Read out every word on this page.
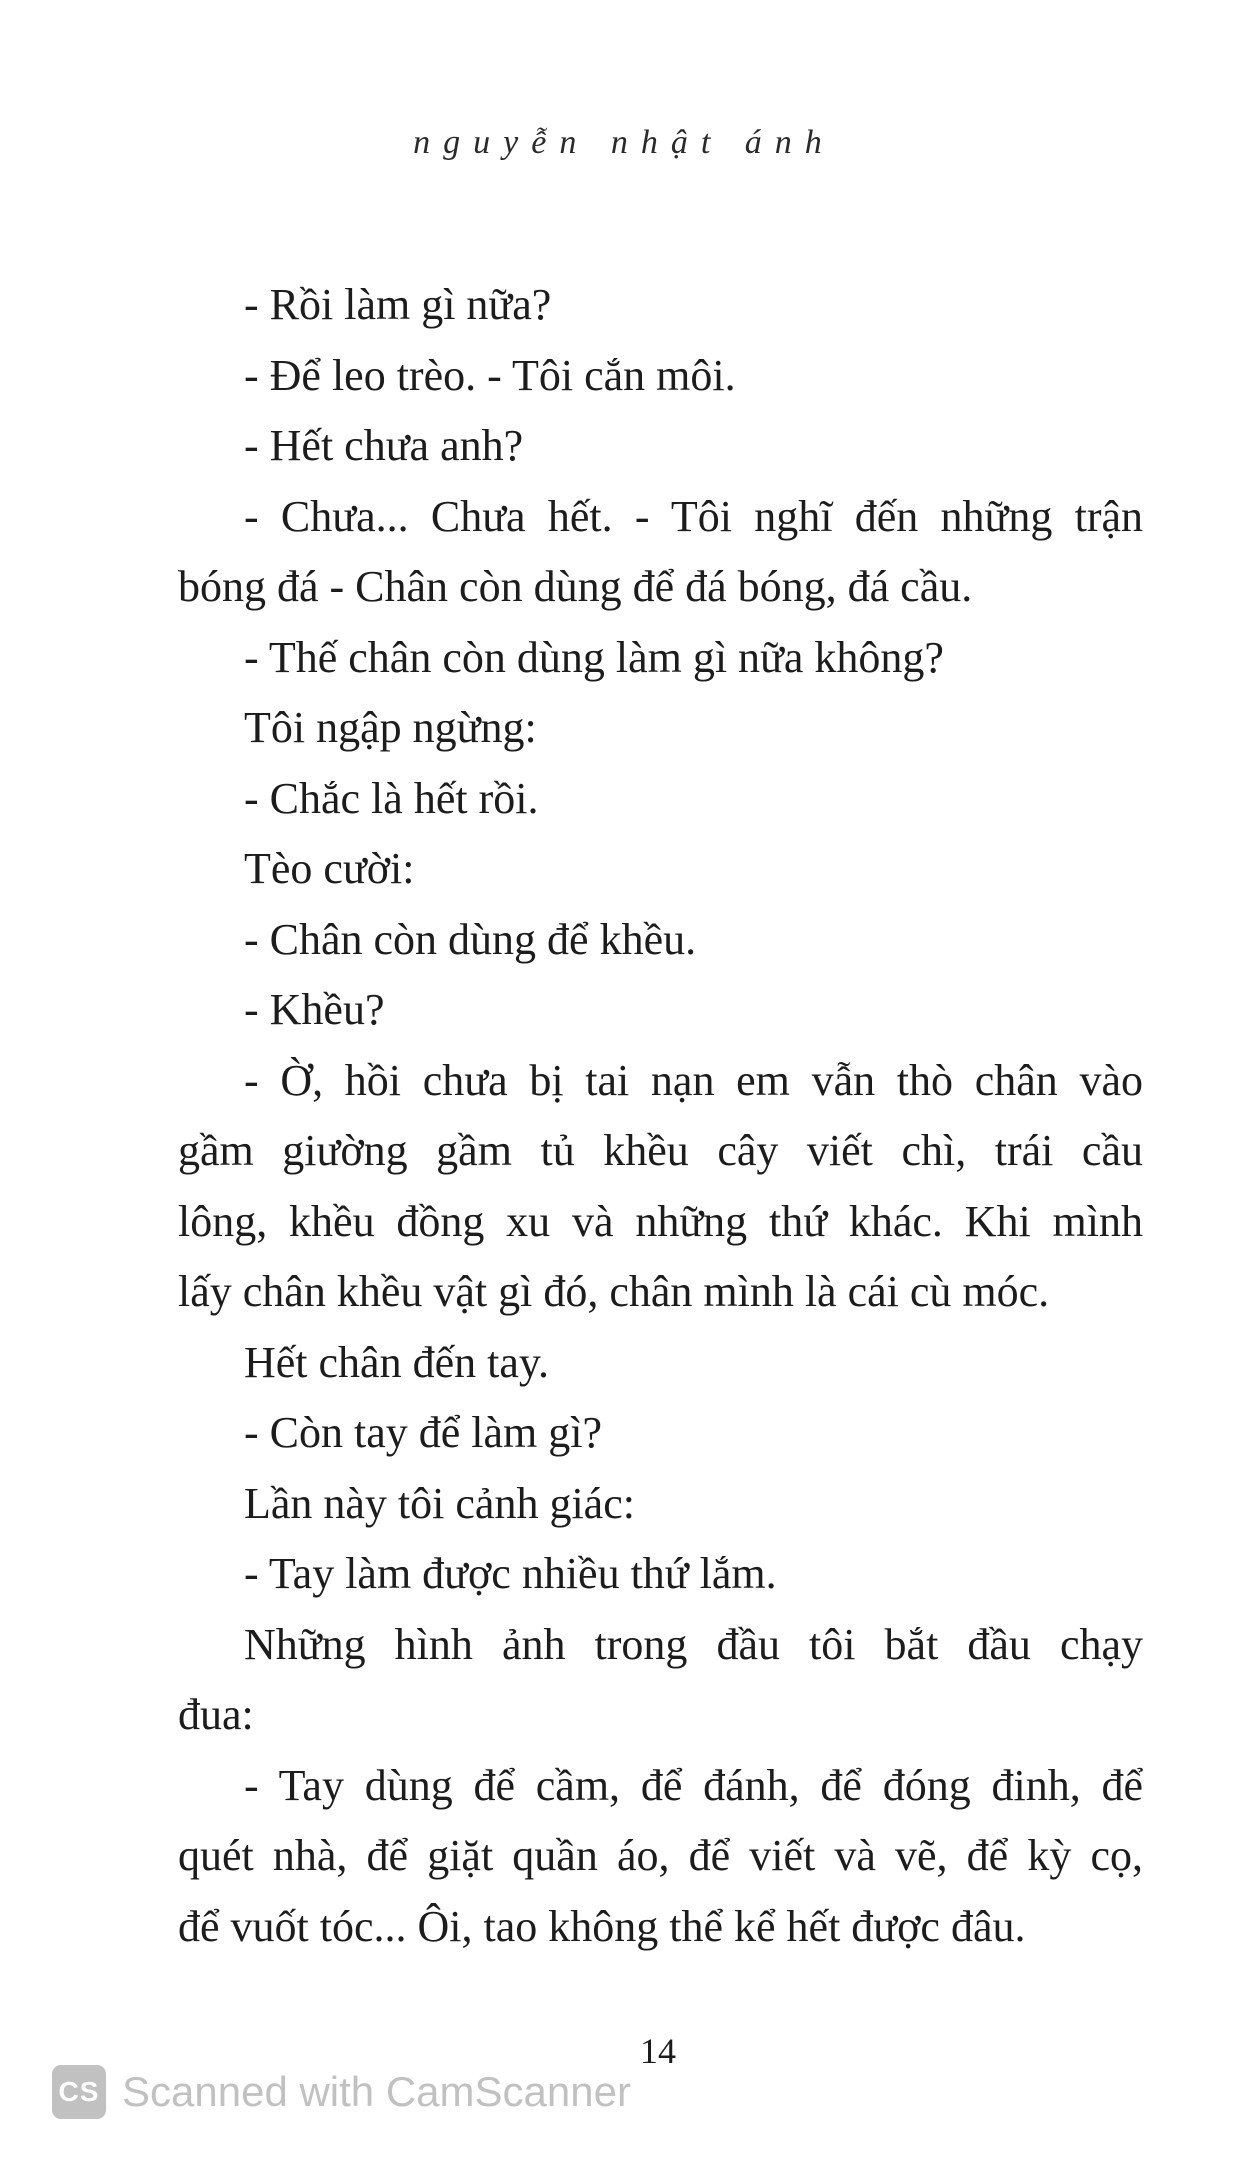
nguyễn nhật ánh
- Rồi làm gì nữa?
- Để leo trèo. - Tôi cắn môi.
- Hết chưa anh?
- Chưa... Chưa hết. - Tôi nghĩ đến những trận
bóng đá - Chân còn dùng để đá bóng, đá cầu.
- Thế chân còn dùng làm gì nữa không?
Tôi ngập ngừng:
- Chắc là hết rồi.
Tèo cười:
- Chân còn dùng để khều.
- Khều?
- Ờ, hồi chưa bị tai nạn em vẫn thò chân vào
gầm giường gầm tủ khều cây viết chì, trái cầu
lông, khều đồng xu và những thứ khác. Khi mình
lấy chân khều vật gì đó, chân mình là cái cù móc.
Hết chân đến tay.
- Còn tay để làm gì?
Lần này tôi cảnh giác:
- Tay làm được nhiều thứ lắm.
Những hình ảnh trong đầu tôi bắt đầu chạy
đua:
- Tay dùng để cầm, để đánh, để đóng đinh, để
quét nhà, để giặt quần áo, để viết và vẽ, để kỳ cọ,
để vuốt tóc... Ôi, tao không thể kể hết được đâu.
14
CS Scanned with CamScanner
